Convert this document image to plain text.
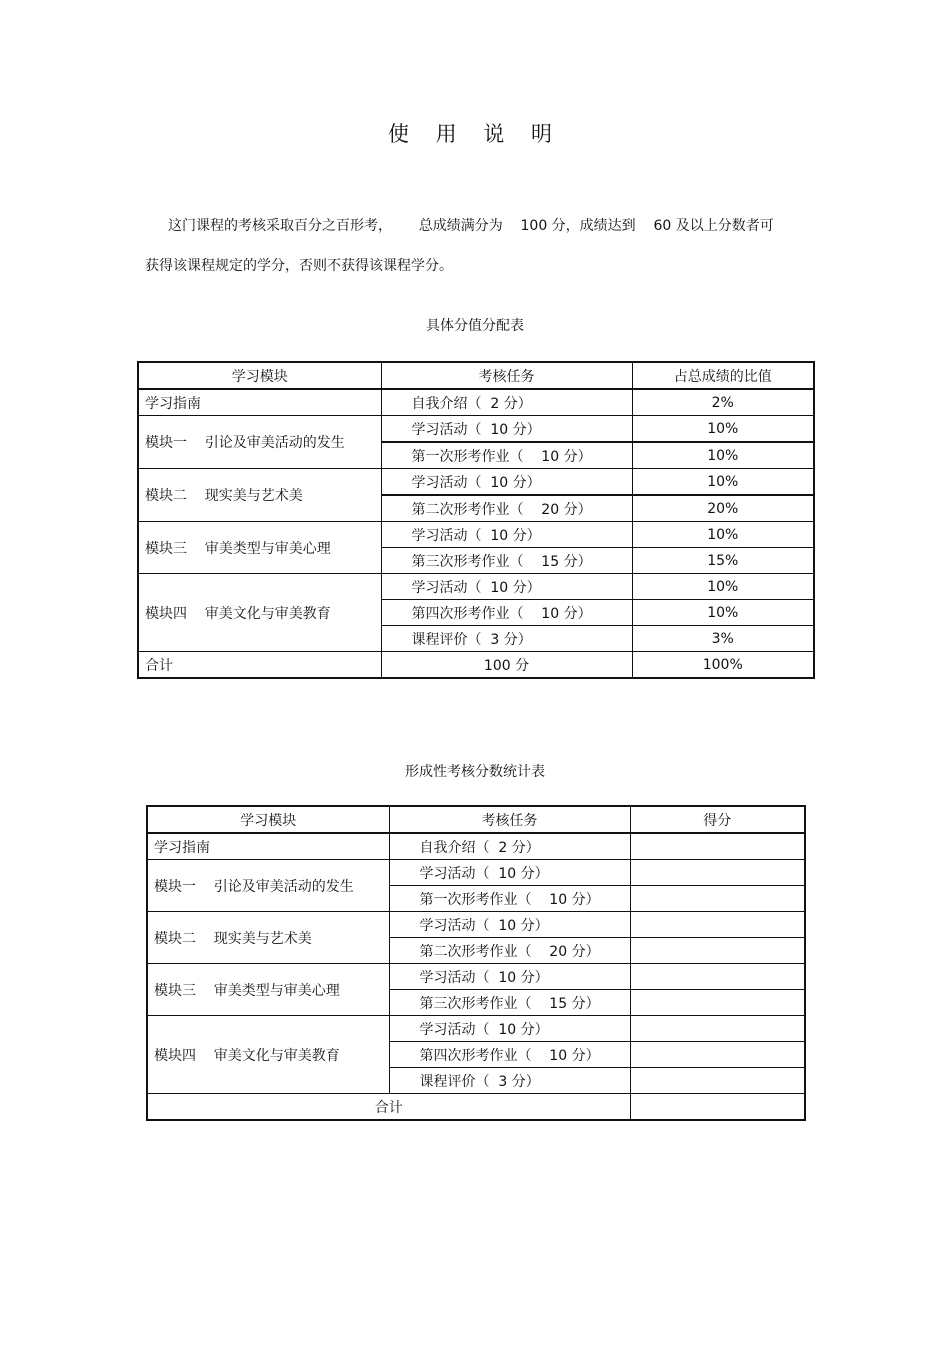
使 用 说 明
这门课程的考核采取百分之百形考，      总成绩满分为    100 分，成绩达到    60 及以上分数者可
获得该课程规定的学分，否则不获得该课程学分。
具体分值分配表
学习模块	考核任务	占总成绩的比值
学习指南	自我介绍（  2 分）	2%
模块一    引论及审美活动的发生	学习活动（  10 分）	10%
	第一次形考作业（    10 分）	10%
模块二    现实美与艺术美	学习活动（  10 分）	10%
	第二次形考作业（    20 分）	20%
模块三    审美类型与审美心理	学习活动（  10 分）	10%
	第三次形考作业（    15 分）	15%
模块四    审美文化与审美教育	学习活动（  10 分）	10%
	第四次形考作业（    10 分）	10%
	课程评价（  3 分）	3%
合计	100 分	100%
形成性考核分数统计表
学习模块	考核任务	得分
学习指南	自我介绍（  2 分）	
模块一    引论及审美活动的发生	学习活动（  10 分）	
	第一次形考作业（    10 分）	
模块二    现实美与艺术美	学习活动（  10 分）	
	第二次形考作业（    20 分）	
模块三    审美类型与审美心理	学习活动（  10 分）	
	第三次形考作业（    15 分）	
模块四    审美文化与审美教育	学习活动（  10 分）	
	第四次形考作业（    10 分）	
	课程评价（  3 分）	
合计		
